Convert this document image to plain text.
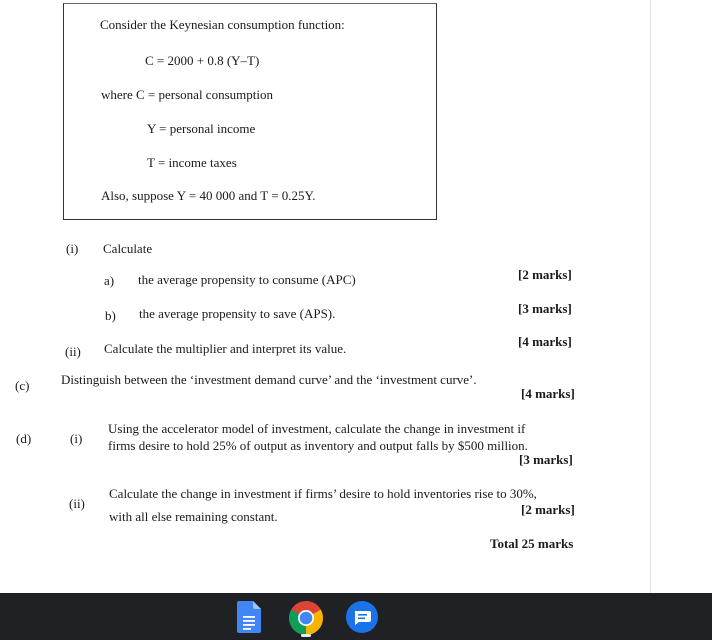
Consider the Keynesian consumption function:
C = 2000 + 0.8 (Y–T)
where C = personal consumption
Y = personal income
T = income taxes
Also, suppose Y = 40 000 and T = 0.25Y.
(i) Calculate
a) the average propensity to consume (APC)	[2 marks]
b) the average propensity to save (APS).	[3 marks]
(ii) Calculate the multiplier and interpret its value.	[4 marks]
(c) Distinguish between the ‘investment demand curve’ and the ‘investment curve’.
[4 marks]
(d)	(i)
Using the accelerator model of investment, calculate the change in investment if
firms desire to hold 25% of output as inventory and output falls by $500 million.
[3 marks]
(ii)
Calculate the change in investment if firms’ desire to hold inventories rise to 30%,
with all else remaining constant.	[2 marks]
Total 25 marks
